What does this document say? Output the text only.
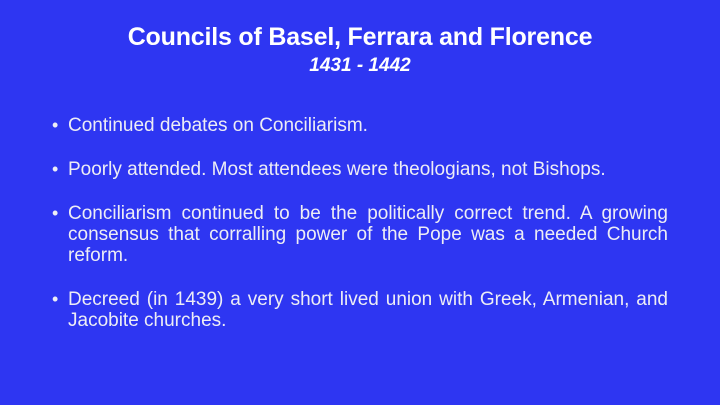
Councils of Basel, Ferrara and Florence
1431 - 1442
• Continued debates on Conciliarism.
• Poorly attended. Most attendees were theologians, not Bishops.
• Conciliarism continued to be the politically correct trend. A growing
consensus that corralling power of the Pope was a needed Church
reform.
• Decreed (in 1439) a very short lived union with Greek, Armenian, and
Jacobite churches.
